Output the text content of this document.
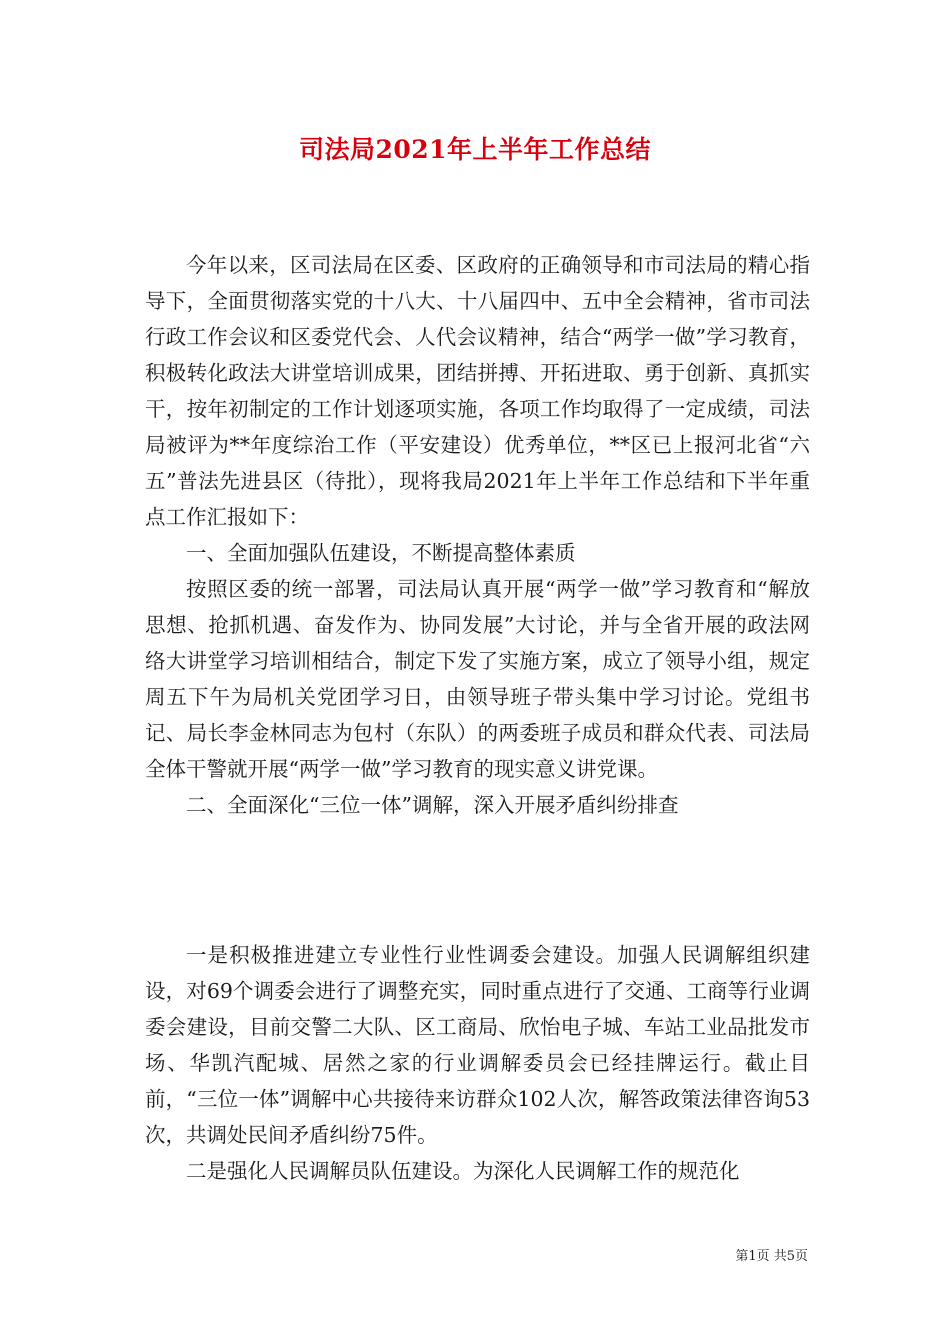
司法局2021年上半年工作总结

今年以来，区司法局在区委、区政府的正确领导和市司法局的精心指导下，全面贯彻落实党的十八大、十八届四中、五中全会精神，省市司法行政工作会议和区委党代会、人代会议精神，结合“两学一做”学习教育，积极转化政法大讲堂培训成果，团结拼搏、开拓进取、勇于创新、真抓实干，按年初制定的工作计划逐项实施，各项工作均取得了一定成绩，司法局被评为**年度综治工作（平安建设）优秀单位，**区已上报河北省“六五”普法先进县区（待批），现将我局2021年上半年工作总结和下半年重点工作汇报如下：

一、全面加强队伍建设，不断提高整体素质

按照区委的统一部署，司法局认真开展“两学一做”学习教育和“解放思想、抢抓机遇、奋发作为、协同发展”大讨论，并与全省开展的政法网络大讲堂学习培训相结合，制定下发了实施方案，成立了领导小组，规定周五下午为局机关党团学习日，由领导班子带头集中学习讨论。党组书记、局长李金林同志为包村（东队）的两委班子成员和群众代表、司法局全体干警就开展“两学一做”学习教育的现实意义讲党课。

二、全面深化“三位一体”调解，深入开展矛盾纠纷排查

一是积极推进建立专业性行业性调委会建设。加强人民调解组织建设，对69个调委会进行了调整充实，同时重点进行了交通、工商等行业调委会建设，目前交警二大队、区工商局、欣怡电子城、车站工业品批发市场、华凯汽配城、居然之家的行业调解委员会已经挂牌运行。截止目前，“三位一体”调解中心共接待来访群众102人次，解答政策法律咨询53次，共调处民间矛盾纠纷75件。

二是强化人民调解员队伍建设。为深化人民调解工作的规范化

第1页 共5页
